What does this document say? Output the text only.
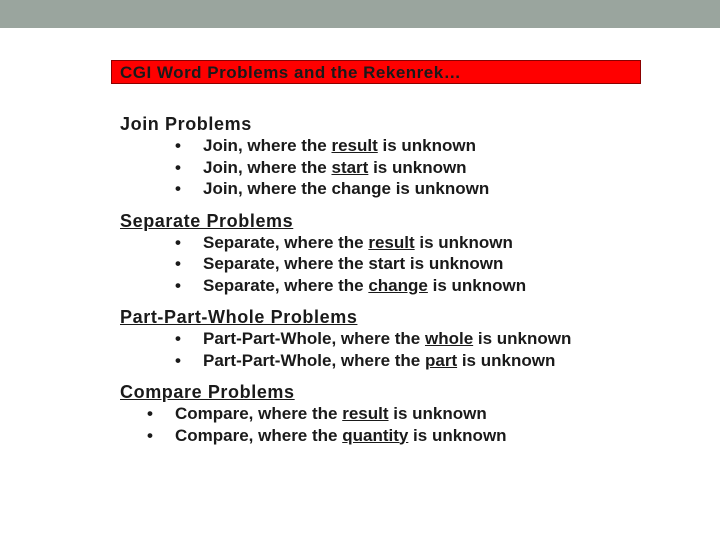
CGI Word Problems and the Rekenrek…

Join Problems

• Join, where the result is unknown
• Join, where the start is unknown
• Join, where the change is unknown

Separate Problems

• Separate, where the result is unknown
• Separate, where the start is unknown
• Separate, where the change is unknown

Part-Part-Whole Problems

• Part-Part-Whole, where the whole is unknown
• Part-Part-Whole, where the part is unknown

Compare Problems

• Compare, where the result is unknown
• Compare, where the quantity is unknown
